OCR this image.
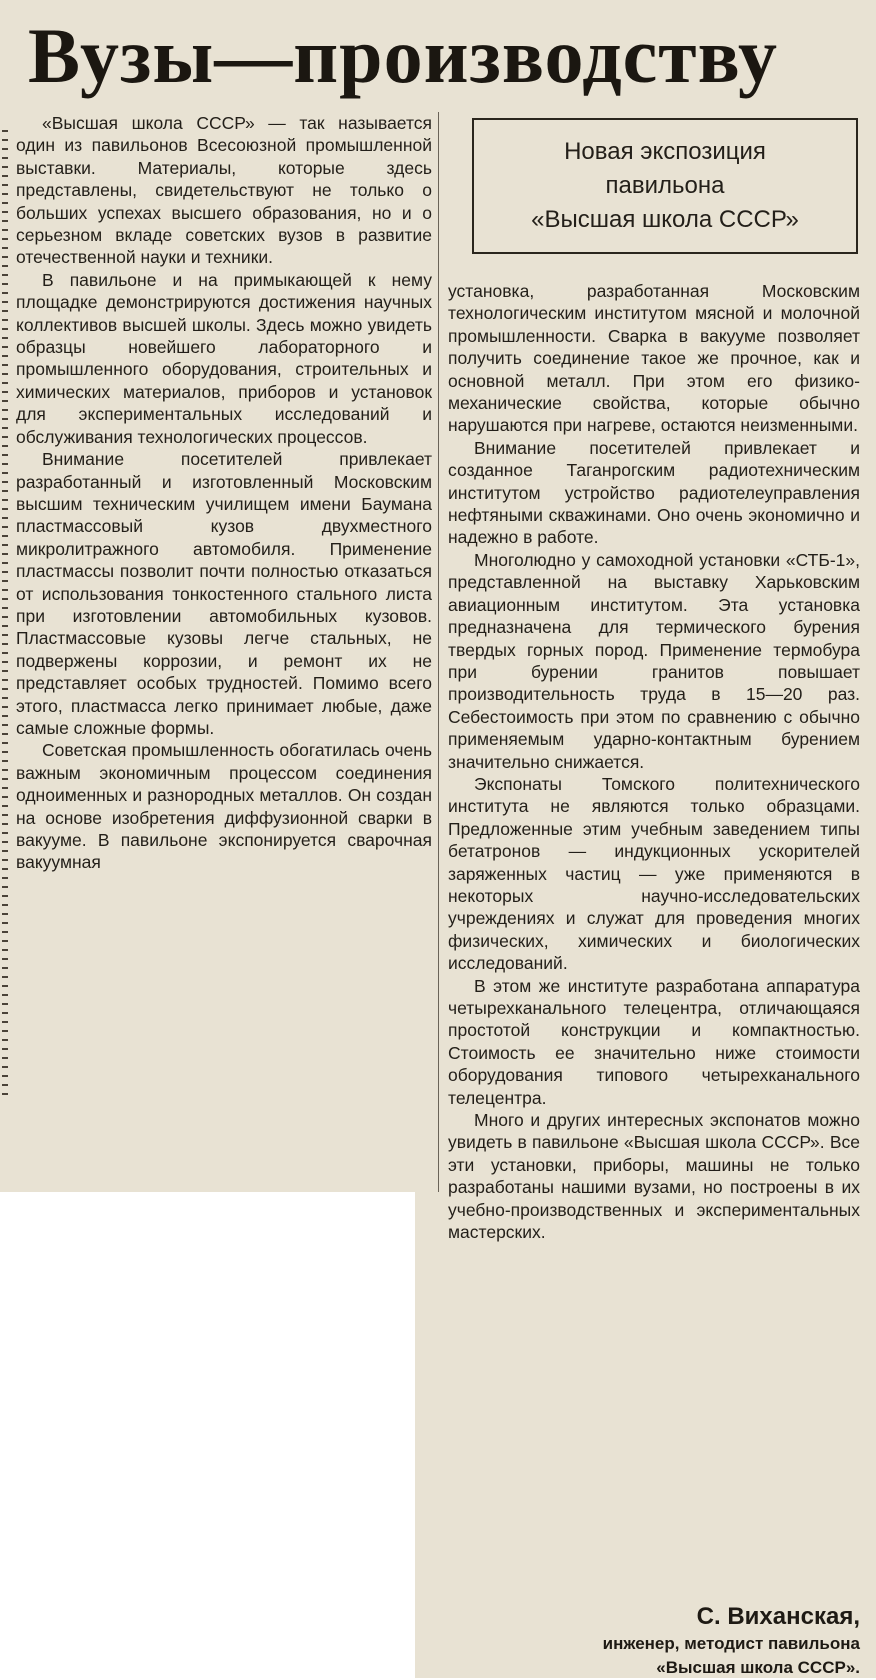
Вузы—производству

«Высшая школа СССР» — так называется один из павильонов Всесоюзной промышленной выставки. Материалы, которые здесь представлены, свидетельствуют не только о больших успехах высшего образования, но и о серьезном вкладе советских вузов в развитие отечественной науки и техники.

В павильоне и на примыкающей к нему площадке демонстрируются достижения научных коллективов высшей школы. Здесь можно увидеть образцы новейшего лабораторного и промышленного оборудования, строительных и химических материалов, приборов и установок для экспериментальных исследований и обслуживания технологических процессов.

Внимание посетителей привлекает разработанный и изготовленный Московским высшим техническим училищем имени Баумана пластмассовый кузов двухместного микролитражного автомобиля. Применение пластмассы позволит почти полностью отказаться от использования тонкостенного стального листа при изготовлении автомобильных кузовов. Пластмассовые кузовы легче стальных, не подвержены коррозии, и ремонт их не представляет особых трудностей. Помимо всего этого, пластмасса легко принимает любые, даже самые сложные формы.

Советская промышленность обогатилась очень важным экономичным процессом соединения одноименных и разнородных металлов. Он создан на основе изобретения диффузионной сварки в вакууме. В павильоне экспонируется сварочная вакуумная

Новая экспозиция
павильона
«Высшая школа СССР»

установка, разработанная Московским технологическим институтом мясной и молочной промышленности. Сварка в вакууме позволяет получить соединение такое же прочное, как и основной металл. При этом его физико-механические свойства, которые обычно нарушаются при нагреве, остаются неизменными.

Внимание посетителей привлекает и созданное Таганрогским радиотехническим институтом устройство радиотелеуправления нефтяными скважинами. Оно очень экономично и надежно в работе.

Многолюдно у самоходной установки «СТБ-1», представленной на выставку Харьковским авиационным институтом. Эта установка предназначена для термического бурения твердых горных пород. Применение термобура при бурении гранитов повышает производительность труда в 15—20 раз. Себестоимость при этом по сравнению с обычно применяемым ударно-контактным бурением значительно снижается.

Экспонаты Томского политехнического института не являются только образцами. Предложенные этим учебным заведением типы бетатронов — индукционных ускорителей заряженных частиц — уже применяются в некоторых научно-исследовательских учреждениях и служат для проведения многих физических, химических и биологических исследований.

В этом же институте разработана аппаратура четырехканального телецентра, отличающаяся простотой конструкции и компактностью. Стоимость ее значительно ниже стоимости оборудования типового четырехканального телецентра.

Много и других интересных экспонатов можно увидеть в павильоне «Высшая школа СССР». Все эти установки, приборы, машины не только разработаны нашими вузами, но построены в их учебно-производственных и экспериментальных мастерских.

С. Виханская,
инженер, методист павильона
«Высшая школа СССР».
